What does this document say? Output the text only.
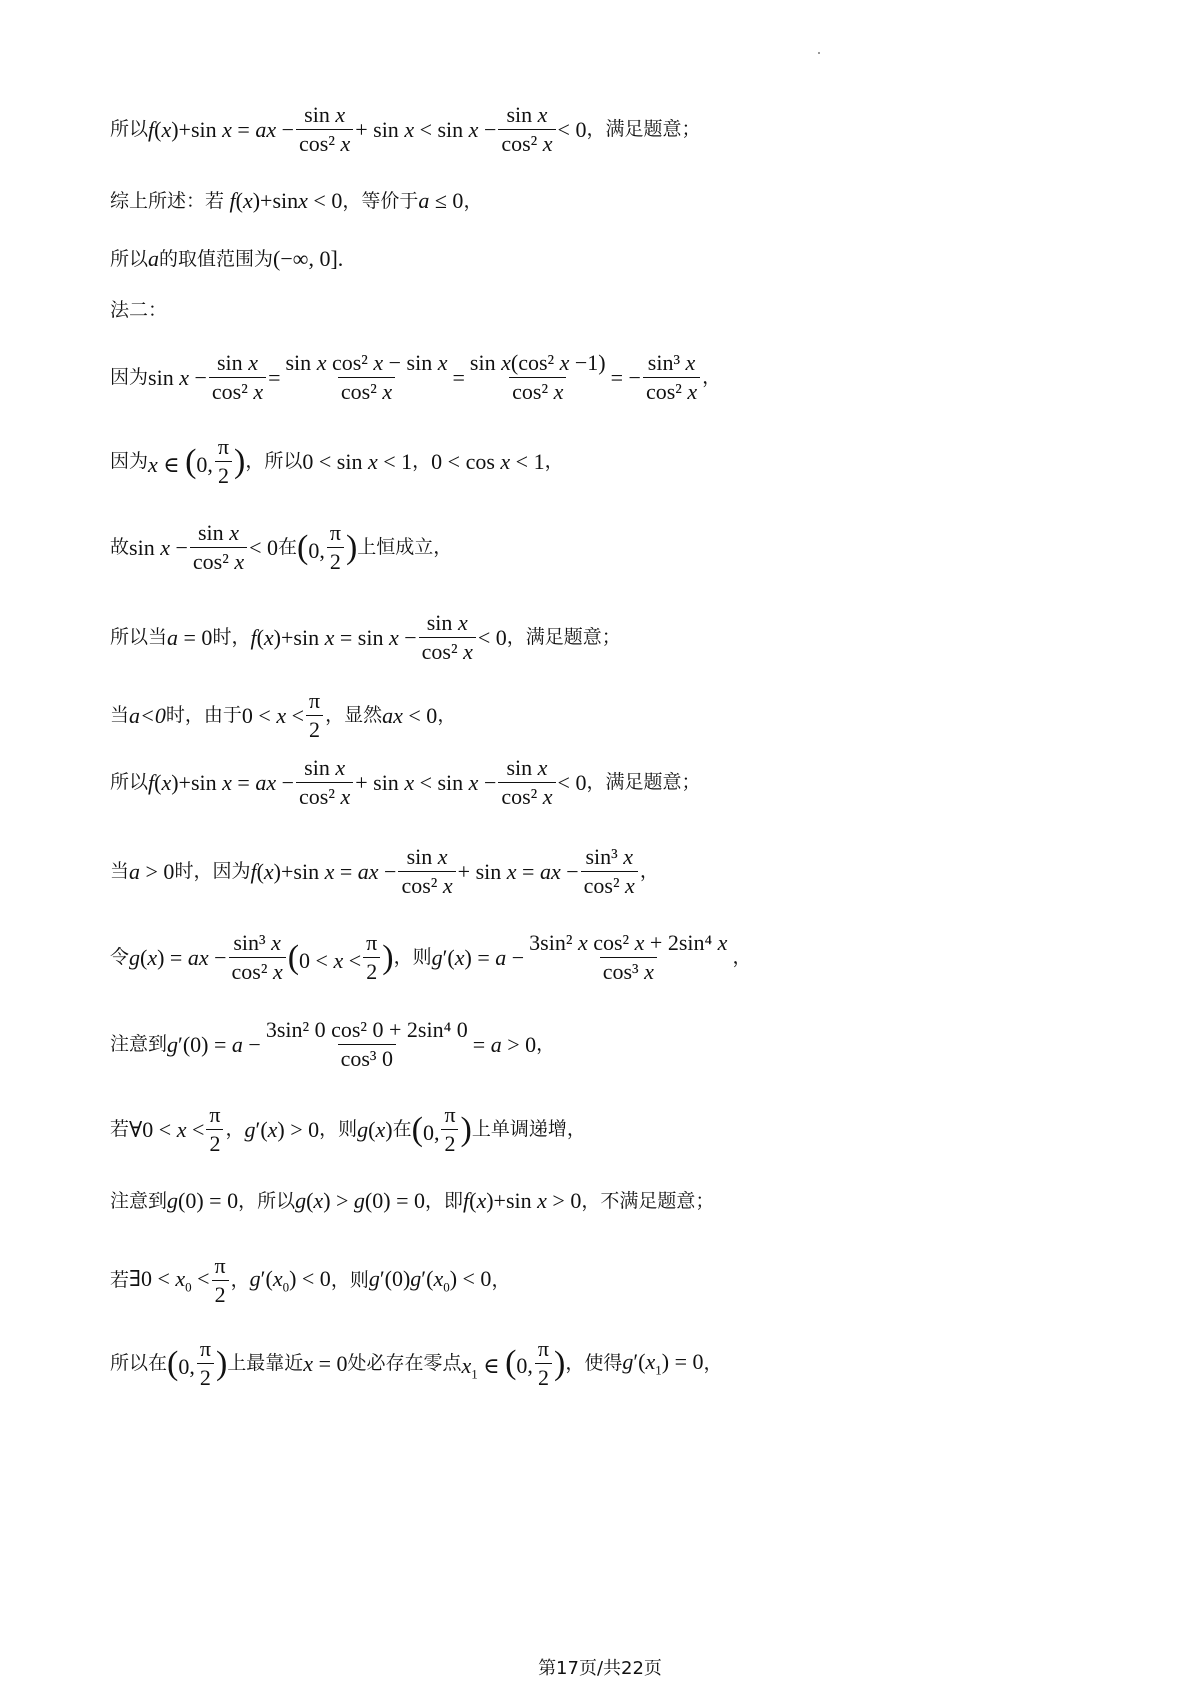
所以 f(x)+sin x = ax − $\frac{\text{sin x}}{\text{cos² x}} + \sin x < \sin x - \frac{\text{sin x}}{\text{cos² x}} < 0$ ，满足题意；
综上所述：若 f(x)+sinx < 0 ，等价于 a ≤ 0 ，
所以 a 的取值范围为 (−∞, 0] .
法二：
因为 $\sin x - \frac{\text{sin x}}{\text{cos² x}} = \frac{\text{sin x cos² x − sin x}}{\text{cos² x}} = \frac{\text{sin x(cos² x −1)}}{\text{cos² x}}$ = − $\frac{\text{sin³ x}}{\text{cos² x}}$ ，
因为 x ∈ (0, $\frac{\pi}{2}$ ) ，所以 0 < sin x < 1 ， 0 < cos x < 1 ，
故 $\sin x - \frac{\text{sin x}}{\text{cos² x}} < 0$ 在 (0, $\frac{\pi}{2}$ ) 上恒成立，
所以当 a = 0 时， f(x)+sin $x = \sin x - \frac{\text{sin x}}{\text{cos² x}} < 0$ ，满足题意；
当 a<0 时，由于 $0 < x < \frac{\pi}{2}$ ，显然 ax < 0 ，
所以 f(x)+sin x = ax − $\frac{\text{sin x}}{\text{cos² x}} + \sin x < \sin x - \frac{\text{sin x}}{\text{cos² x}} < 0$ ，满足题意；
当 a > 0 时，因为 f(x)+sin x = ax − $\frac{\text{sin x}}{\text{cos² x}} + \sin x$ = ax − $\frac{\text{sin³ x}}{\text{cos² x}}$ ，
令 g(x) = ax − $\frac{\text{sin³ x}}{\text{cos² x}} (0 < x < \frac{\pi}{2}$ ) ，则 $g'(x) = a - \frac{\text{3sin² x cos² x + 2sin⁴ x}}{\text{cos³ x}}$ ，
注意到 $g'(0) = a - \frac{\text{3sin² 0 cos² 0 + 2sin⁴ 0}}{\text{cos³ 0}} = a > 0$ ，
若 ∀0 < $x < \frac{\pi}{2}$ ， g′(x) > 0 ，则 g(x) 在 (0, $\frac{\pi}{2}$ ) 上单调递增，
注意到 g(0) = 0 ，所以 g(x) > g(0) = 0 ，即 f(x)+sin x > 0 ，不满足题意；
若 ∃0 < $x_0 < \frac{\pi}{2}$ ， $g'(x_0) < 0$ ，则 $g'(0)g'(x_0) < 0$ ，
所以在 (0, $\frac{\pi}{2}$ ) 上最靠近 x = 0 处必存在零点 $x_1$ ∈ (0, $\frac{\pi}{2}$ ) ，使得 $g'(x_1) = 0$ ，
第17页/共22页
